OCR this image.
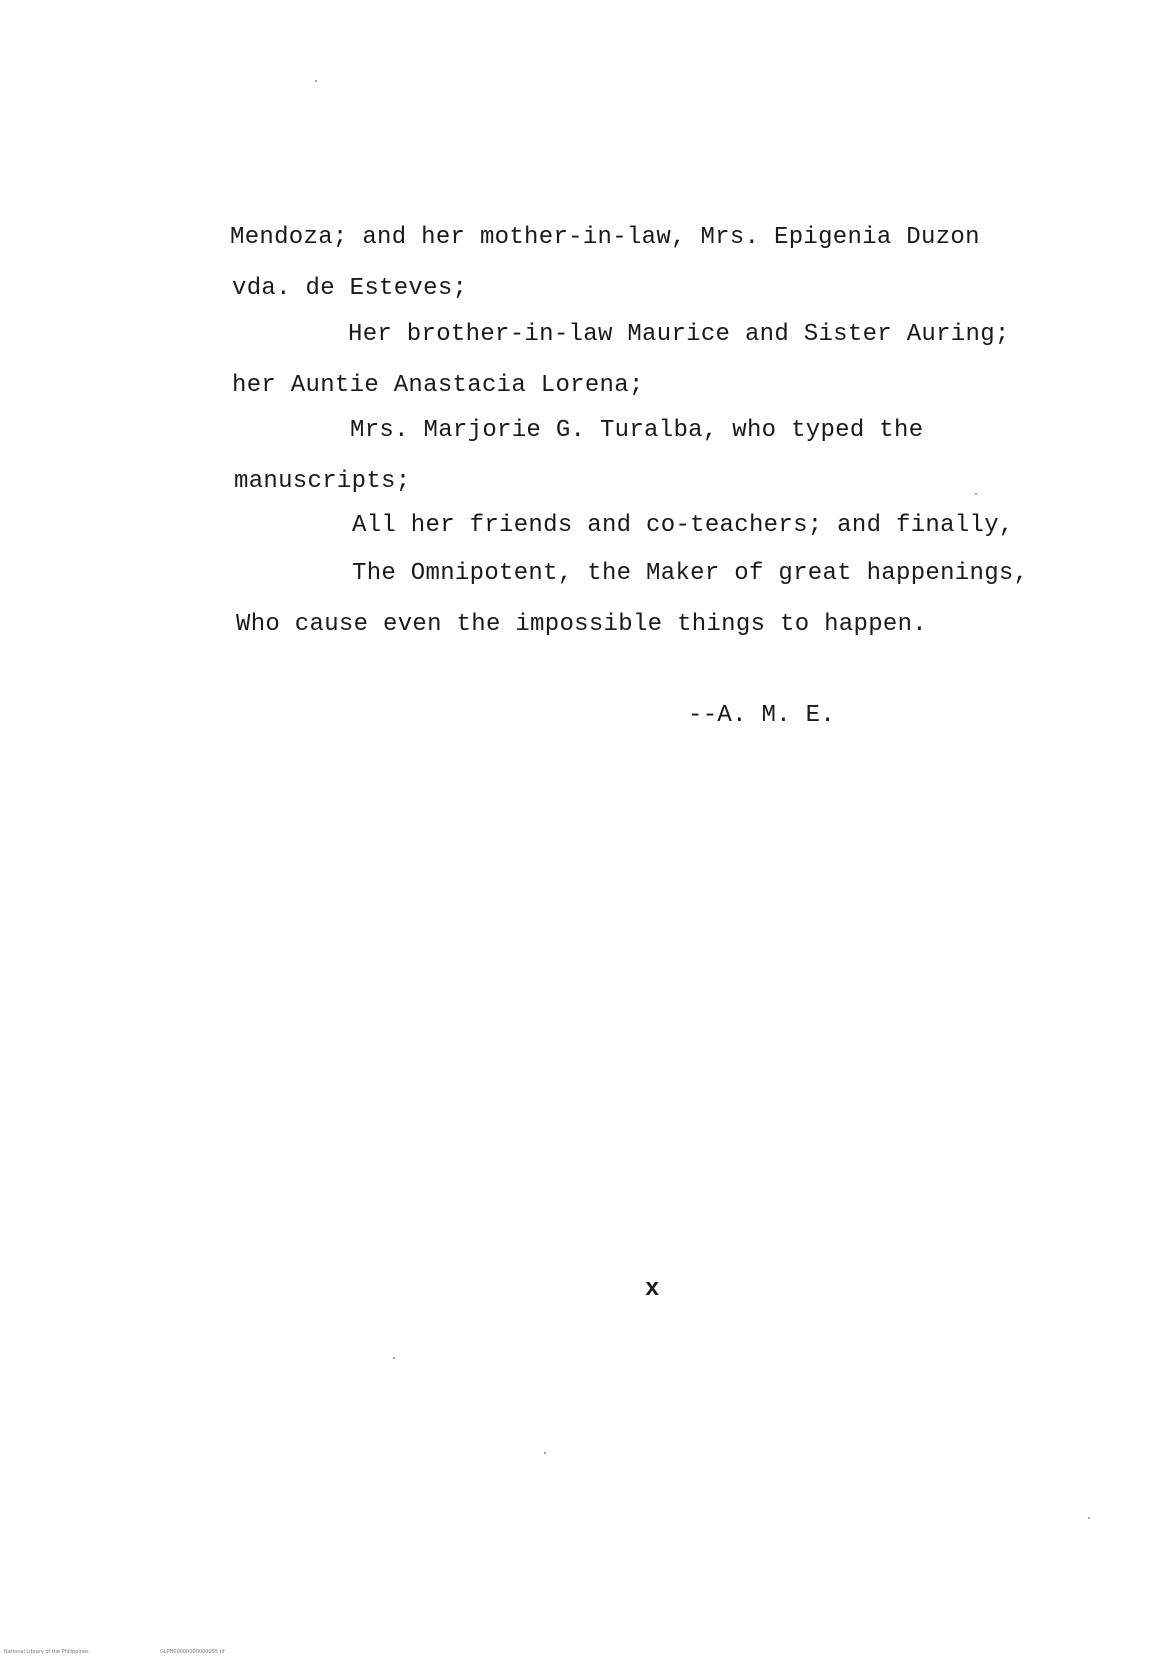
Mendoza; and her mother-in-law, Mrs. Epigenia Duzon
vda. de Esteves;
Her brother-in-law Maurice and Sister Auring;
her Auntie Anastacia Lorena;
Mrs. Marjorie G. Turalba, who typed the
manuscripts;
All her friends and co-teachers; and finally,
The Omnipotent, the Maker of great happenings,
Who cause even the impossible things to happen.
--A. M. E.
x
National Library of the Philippines	GLPH00000000000055 tif
